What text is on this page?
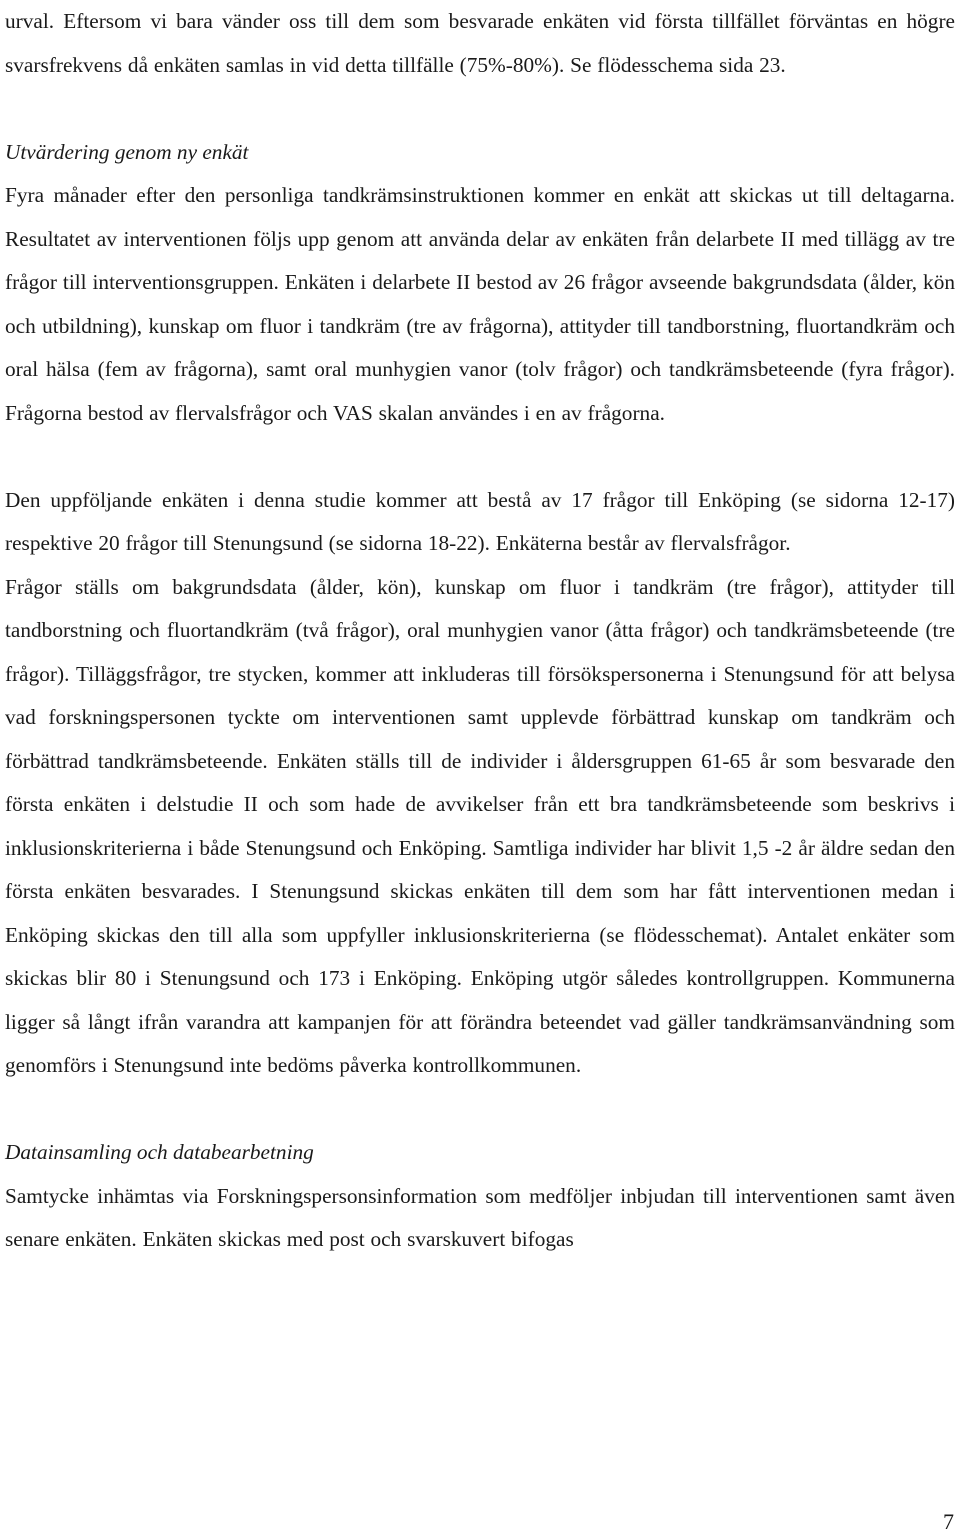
urval. Eftersom vi bara vänder oss till dem som besvarade enkäten vid första tillfället förväntas en högre svarsfrekvens då enkäten samlas in vid detta tillfälle (75%-80%). Se flödesschema sida 23.

Utvärdering genom ny enkät

Fyra månader efter den personliga tandkrämsinstruktionen kommer en enkät att skickas ut till deltagarna. Resultatet av interventionen följs upp genom att använda delar av enkäten från delarbete II med tillägg av tre frågor till interventionsgruppen. Enkäten i delarbete II bestod av 26 frågor avseende bakgrundsdata (ålder, kön och utbildning), kunskap om fluor i tandkräm (tre av frågorna), attityder till tandborstning, fluortandkräm och oral hälsa (fem av frågorna), samt oral munhygien vanor (tolv frågor) och tandkrämsbeteende (fyra frågor). Frågorna bestod av flervalsfrågor och VAS skalan användes i en av frågorna.

Den uppföljande enkäten i denna studie kommer att bestå av 17 frågor till Enköping (se sidorna 12-17) respektive 20 frågor till Stenungsund (se sidorna 18-22). Enkäterna består av flervalsfrågor.

Frågor ställs om bakgrundsdata (ålder, kön), kunskap om fluor i tandkräm (tre frågor), attityder till tandborstning och fluortandkräm (två frågor), oral munhygien vanor (åtta frågor) och tandkrämsbeteende (tre frågor). Tilläggsfrågor, tre stycken, kommer att inkluderas till försökspersonerna i Stenungsund för att belysa vad forskningspersonen tyckte om interventionen samt upplevde förbättrad kunskap om tandkräm och förbättrad tandkrämsbeteende. Enkäten ställs till de individer i åldersgruppen 61-65 år som besvarade den första enkäten i delstudie II och som hade de avvikelser från ett bra tandkrämsbeteende som beskrivs i inklusionskriterierna i både Stenungsund och Enköping. Samtliga individer har blivit 1,5 -2 år äldre sedan den första enkäten besvarades. I Stenungsund skickas enkäten till dem som har fått interventionen medan i Enköping skickas den till alla som uppfyller inklusionskriterierna (se flödesschemat). Antalet enkäter som skickas blir 80 i Stenungsund och 173 i Enköping. Enköping utgör således kontrollgruppen. Kommunerna ligger så långt ifrån varandra att kampanjen för att förändra beteendet vad gäller tandkrämsanvändning som genomförs i Stenungsund inte bedöms påverka kontrollkommunen.

Datainsamling och databearbetning

Samtycke inhämtas via Forskningspersonsinformation som medföljer inbjudan till interventionen samt även senare enkäten. Enkäten skickas med post och svarskuvert bifogas

7
